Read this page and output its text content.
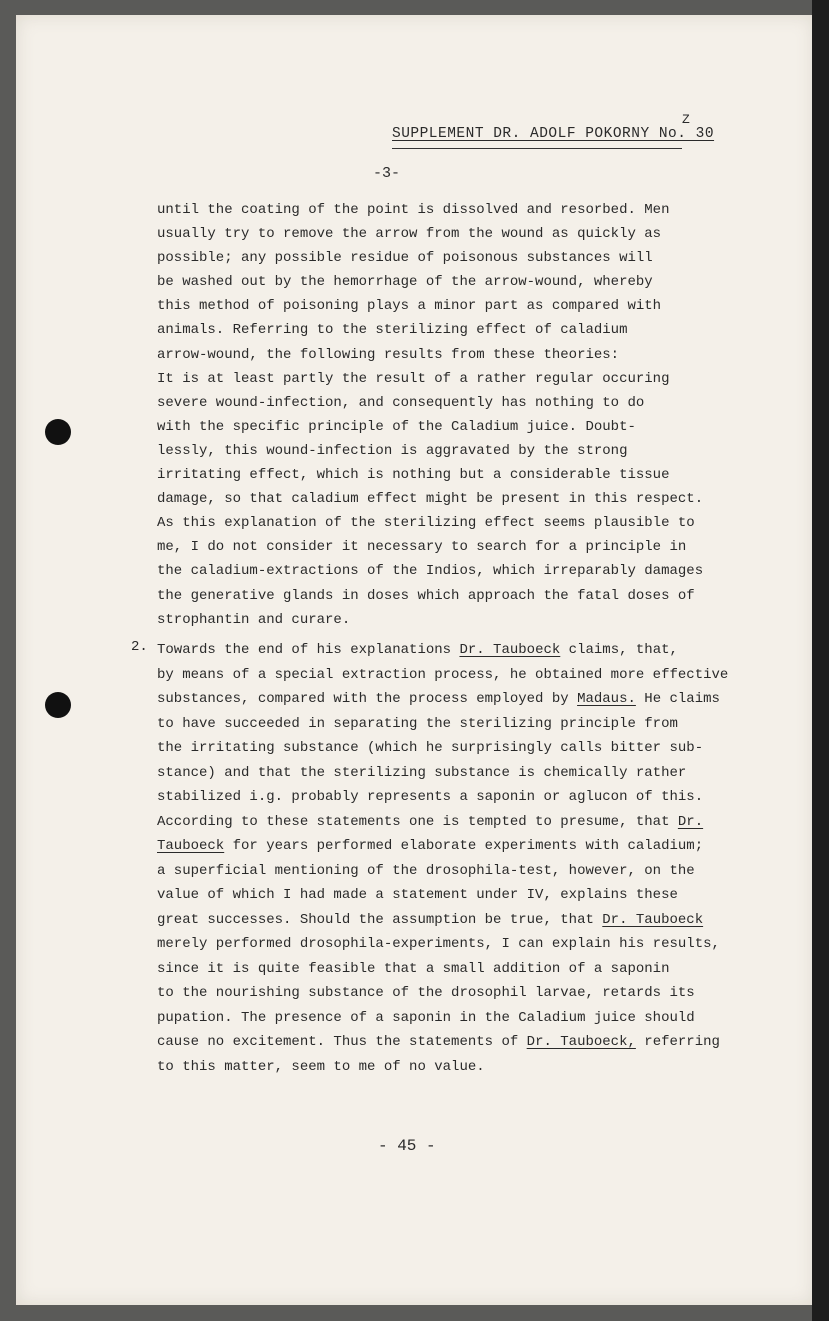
SUPPLEMENT DR. ADOLF POKORNY No. 30
Z
-3-
until the coating of the point is dissolved and resorbed. Men
usually try to remove the arrow from the wound as quickly as
possible; any possible residue of poisonous substances will
be washed out by the hemorrhage of the arrow-wound, whereby
this method of poisoning plays a minor part as compared with
animals. Referring to the sterilizing effect of caladium
arrow-wound, the following results from these theories:
It is at least partly the result of a rather regular occuring
severe wound-infection, and consequently has nothing to do
with the specific principle of the Caladium juice. Doubt-
lessly, this wound-infection is aggravated by the strong
irritating effect, which is nothing but a considerable tissue
damage, so that caladium effect might be present in this respect.
As this explanation of the sterilizing effect seems plausible to
me, I do not consider it necessary to search for a principle in
the caladium-extractions of the Indios, which irreparably damages
the generative glands in doses which approach the fatal doses of
strophantin and curare.
2. Towards the end of his explanations Dr. Tauboeck claims, that,
by means of a special extraction process, he obtained more effective
substances, compared with the process employed by Madaus. He claims
to have succeeded in separating the sterilizing principle from
the irritating substance (which he surprisingly calls bitter sub-
stance) and that the sterilizing substance is chemically rather
stabilized i.g. probably represents a saponin or aglucon of this.
According to these statements one is tempted to presume, that Dr.
Tauboeck for years performed elaborate experiments with caladium;
a superficial mentioning of the drosophila-test, however, on the
value of which I had made a statement under IV, explains these
great successes. Should the assumption be true, that Dr. Tauboeck
merely performed drosophila-experiments, I can explain his results,
since it is quite feasible that a small addition of a saponin
to the nourishing substance of the drosophil larvae, retards its
pupation. The presence of a saponin in the Caladium juice should
cause no excitement. Thus the statements of Dr. Tauboeck, referring
to this matter, seem to me of no value.
- 45 -
